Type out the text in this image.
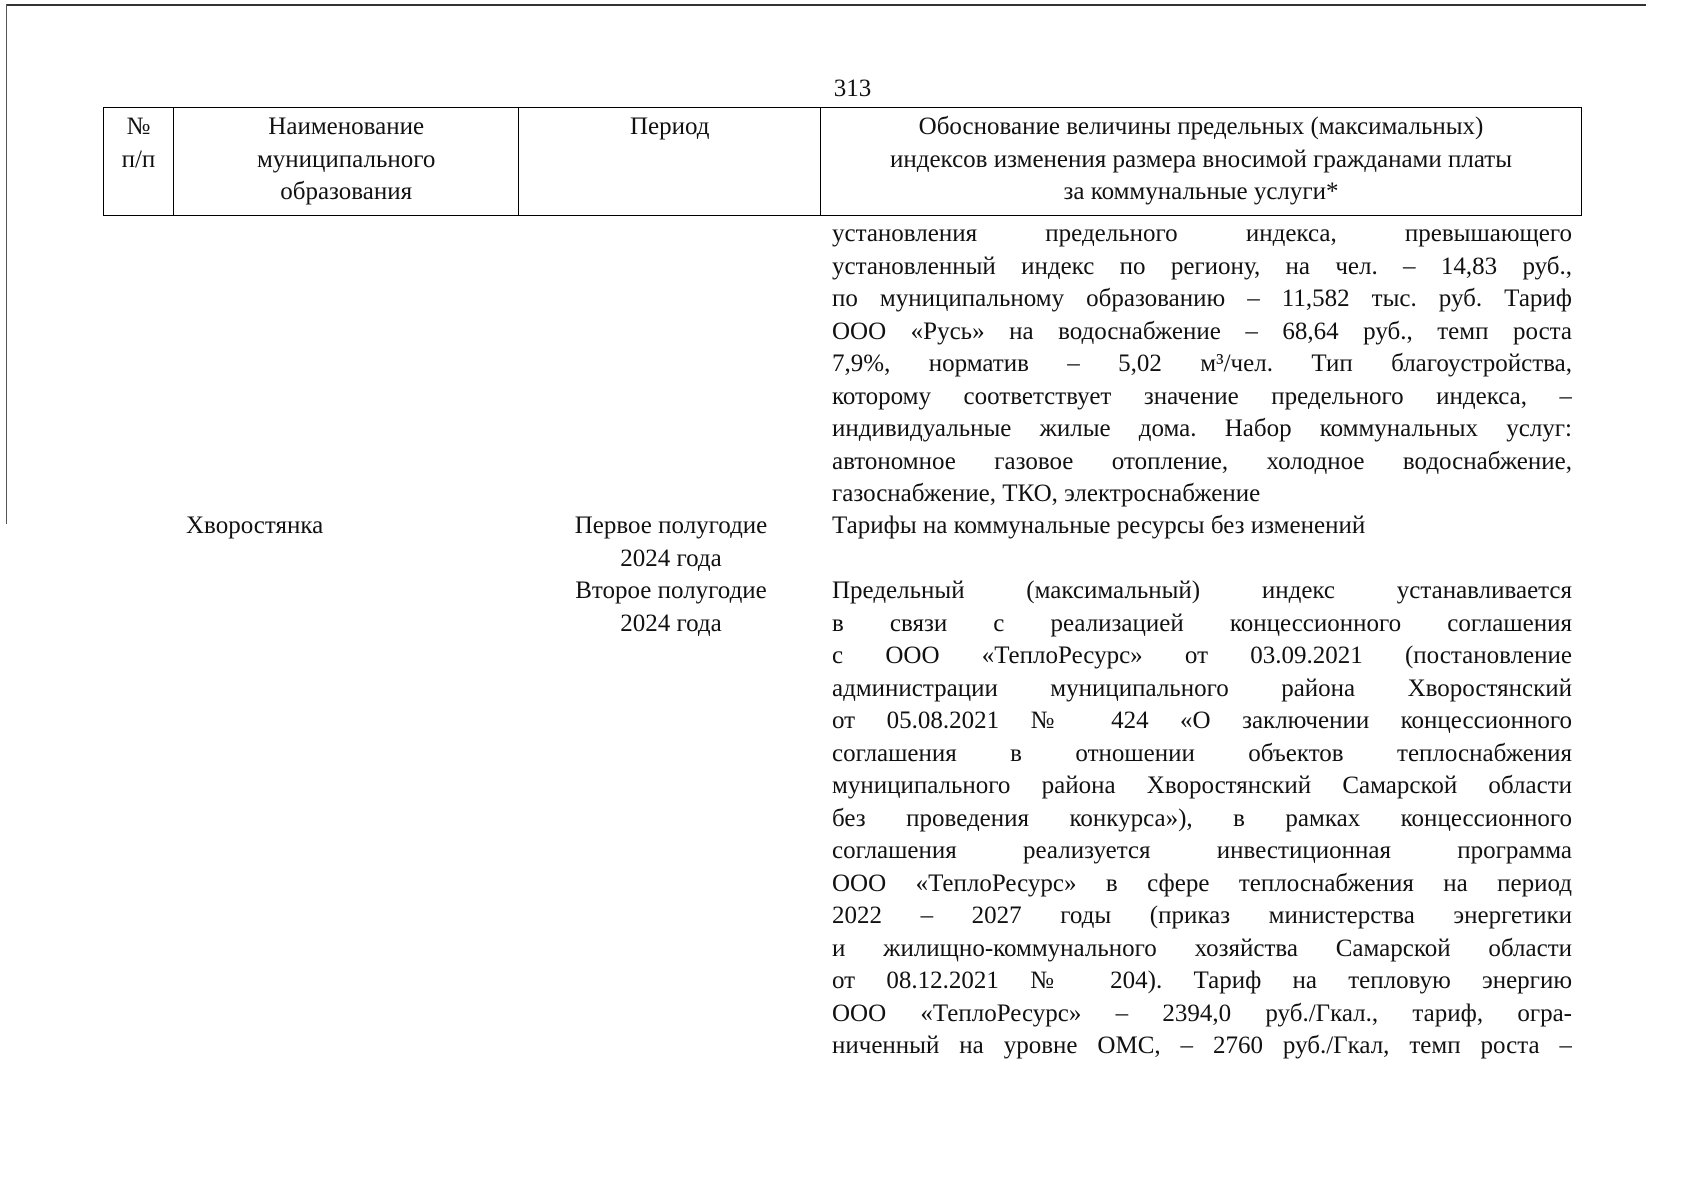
313
№
п/п
Наименование
муниципального
образования
Период	Обоснование величины предельных (максимальных)
индексов изменения размера вносимой гражданами платы
за коммунальные услуги*
установления предельного индекса, превышающего
установленный индекс по региону, на чел. – 14,83 руб.,
по муниципальному образованию – 11,582 тыс. руб. Тариф
ООО «Русь» на водоснабжение – 68,64 руб., темп роста
7,9%, норматив – 5,02 м³/чел. Тип благоустройства,
которому соответствует значение предельного индекса, –
индивидуальные жилые дома. Набор коммунальных услуг:
автономное газовое отопление, холодное водоснабжение,
газоснабжение, ТКО, электроснабжение
Хворостянка	Первое полугодие
2024 года
Тарифы на коммунальные ресурсы без изменений
Второе полугодие
2024 года
Предельный (максимальный) индекс устанавливается
в связи с реализацией концессионного соглашения
с ООО «ТеплоРесурс» от 03.09.2021 (постановление
администрации муниципального района Хворостянский
от 05.08.2021 № 424 «О заключении концессионного
соглашения в отношении объектов теплоснабжения
муниципального района Хворостянский Самарской области
без проведения конкурса»), в рамках концессионного
соглашения реализуется инвестиционная программа
ООО «ТеплоРесурс» в сфере теплоснабжения на период
2022 – 2027 годы (приказ министерства энергетики
и жилищно-коммунального хозяйства Самарской области
от 08.12.2021 № 204). Тариф на тепловую энергию
ООО «ТеплоРесурс» – 2394,0 руб./Гкал., тариф, огра-
ниченный на уровне ОМС, – 2760 руб./Гкал, темп роста –
